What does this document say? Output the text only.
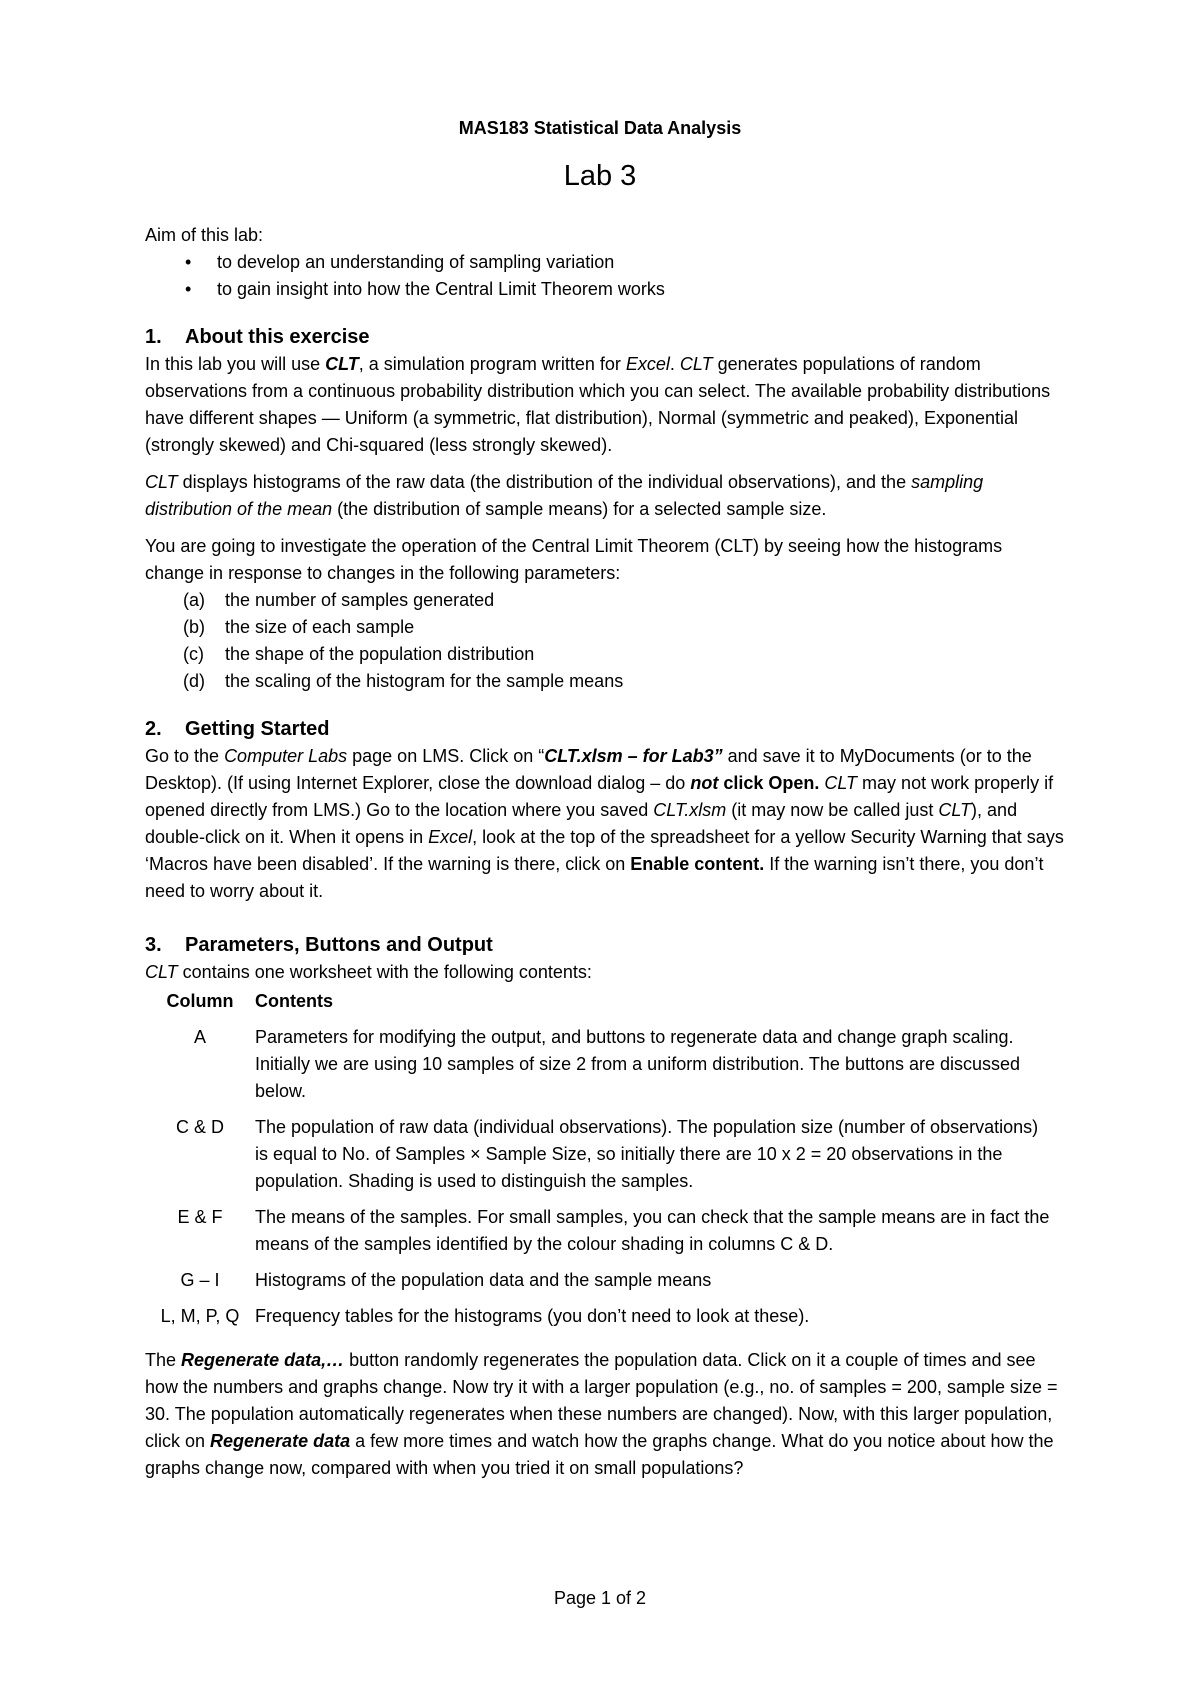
MAS183 Statistical Data Analysis
Lab 3

Aim of this lab:

• to develop an understanding of sampling variation
• to gain insight into how the Central Limit Theorem works
1. About this exercise

In this lab you will use CLT, a simulation program written for Excel. CLT generates populations of random observations from a continuous probability distribution which you can select. The available probability distributions have different shapes — Uniform (a symmetric, flat distribution), Normal (symmetric and peaked), Exponential (strongly skewed) and Chi-squared (less strongly skewed).

CLT displays histograms of the raw data (the distribution of the individual observations), and the sampling distribution of the mean (the distribution of sample means) for a selected sample size.

You are going to investigate the operation of the Central Limit Theorem (CLT) by seeing how the histograms change in response to changes in the following parameters:

(a) the number of samples generated
(b) the size of each sample
(c) the shape of the population distribution
(d) the scaling of the histogram for the sample means
2. Getting Started

Go to the Computer Labs page on LMS. Click on “CLT.xlsm – for Lab3” and save it to MyDocuments (or to the Desktop). (If using Internet Explorer, close the download dialog – do not click Open. CLT may not work properly if opened directly from LMS.) Go to the location where you saved CLT.xlsm (it may now be called just CLT), and double-click on it. When it opens in Excel, look at the top of the spreadsheet for a yellow Security Warning that says ‘Macros have been disabled’. If the warning is there, click on Enable content. If the warning isn’t there, you don’t need to worry about it.

3. Parameters, Buttons and Output

CLT contains one worksheet with the following contents:

Column	Contents
A	Parameters for modifying the output, and buttons to regenerate data and change graph scaling. Initially we are using 10 samples of size 2 from a uniform distribution. The buttons are discussed below.
C & D	The population of raw data (individual observations). The population size (number of observations) is equal to No. of Samples × Sample Size, so initially there are 10 x 2 = 20 observations in the population. Shading is used to distinguish the samples.
E & F	The means of the samples. For small samples, you can check that the sample means are in fact the means of the samples identified by the colour shading in columns C & D.
G – I	Histograms of the population data and the sample means
L, M, P, Q	Frequency tables for the histograms (you don’t need to look at these).

The Regenerate data,… button randomly regenerates the population data. Click on it a couple of times and see how the numbers and graphs change. Now try it with a larger population (e.g., no. of samples = 200, sample size = 30. The population automatically regenerates when these numbers are changed). Now, with this larger population, click on Regenerate data a few more times and watch how the graphs change. What do you notice about how the graphs change now, compared with when you tried it on small populations?

Page 1 of 2
